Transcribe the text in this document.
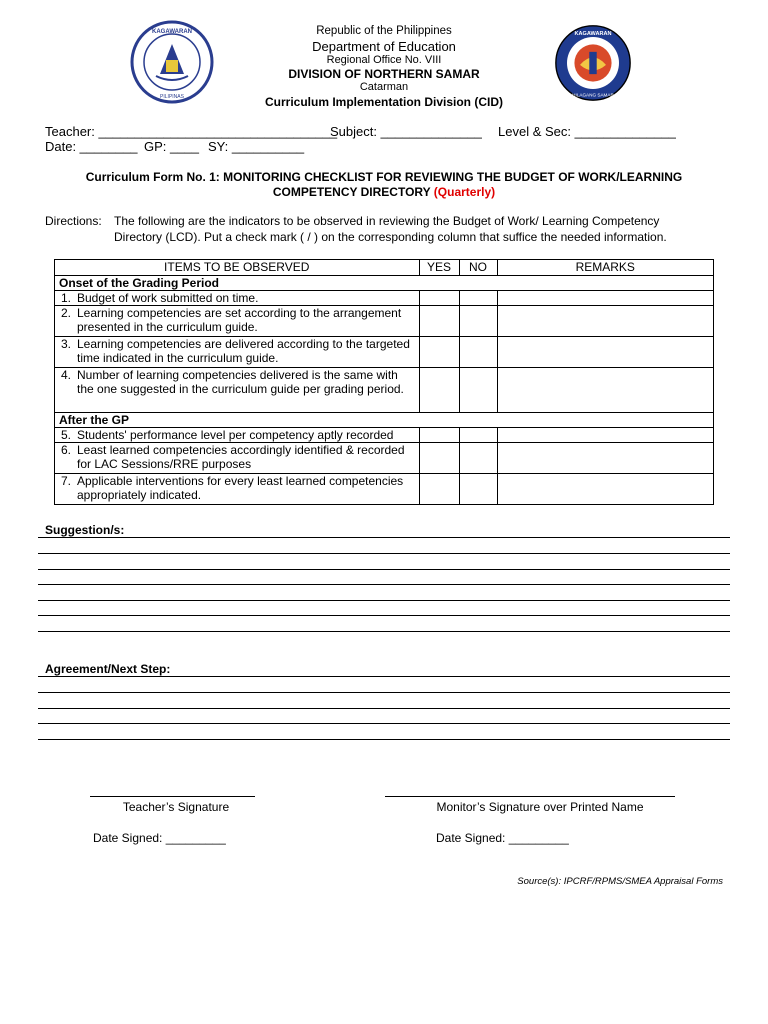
KAGAWARAN
PILIPINAS
KAGAWARAN
HILAGANG SAMAR
Republic of the Philippines
Department of Education
Regional Office No. VIII
DIVISION OF NORTHERN SAMAR
Catarman
Curriculum Implementation Division (CID)
Teacher: _________________________________
Subject: ______________ Level & Sec: ______________
Date: ________ GP: ____ SY: __________
Curriculum Form No. 1: MONITORING CHECKLIST FOR REVIEWING THE BUDGET OF WORK/LEARNING
COMPETENCY DIRECTORY (Quarterly)
Directions: The following are the indicators to be observed in reviewing the Budget of Work/ Learning Competency
Directory (LCD). Put a check mark ( / ) on the corresponding column that suffice the needed information.
ITEMS TO BE OBSERVED		YES	NO	REMARKS
Onset of the Grading Period				
1.	Budget of work submitted on time.			
2.	Learning competencies are set according to the arrangement presented in the curriculum guide.			
3.	Learning competencies are delivered according to the targeted time indicated in the curriculum guide.			
4.	Number of learning competencies delivered is the same with the one suggested in the curriculum guide per grading period.			
After the GP				
5.	Students' performance level per competency aptly recorded			
6.	Least learned competencies accordingly identified & recorded for LAC Sessions/RRE purposes			
7.	Applicable interventions for every least learned competencies appropriately indicated.			
Suggestion/s:
Agreement/Next Step:
Teacher’s Signature	Monitor’s Signature over Printed Name
Date Signed: _________	Date Signed: _________
Source(s): IPCRF/RPMS/SMEA Appraisal Forms
